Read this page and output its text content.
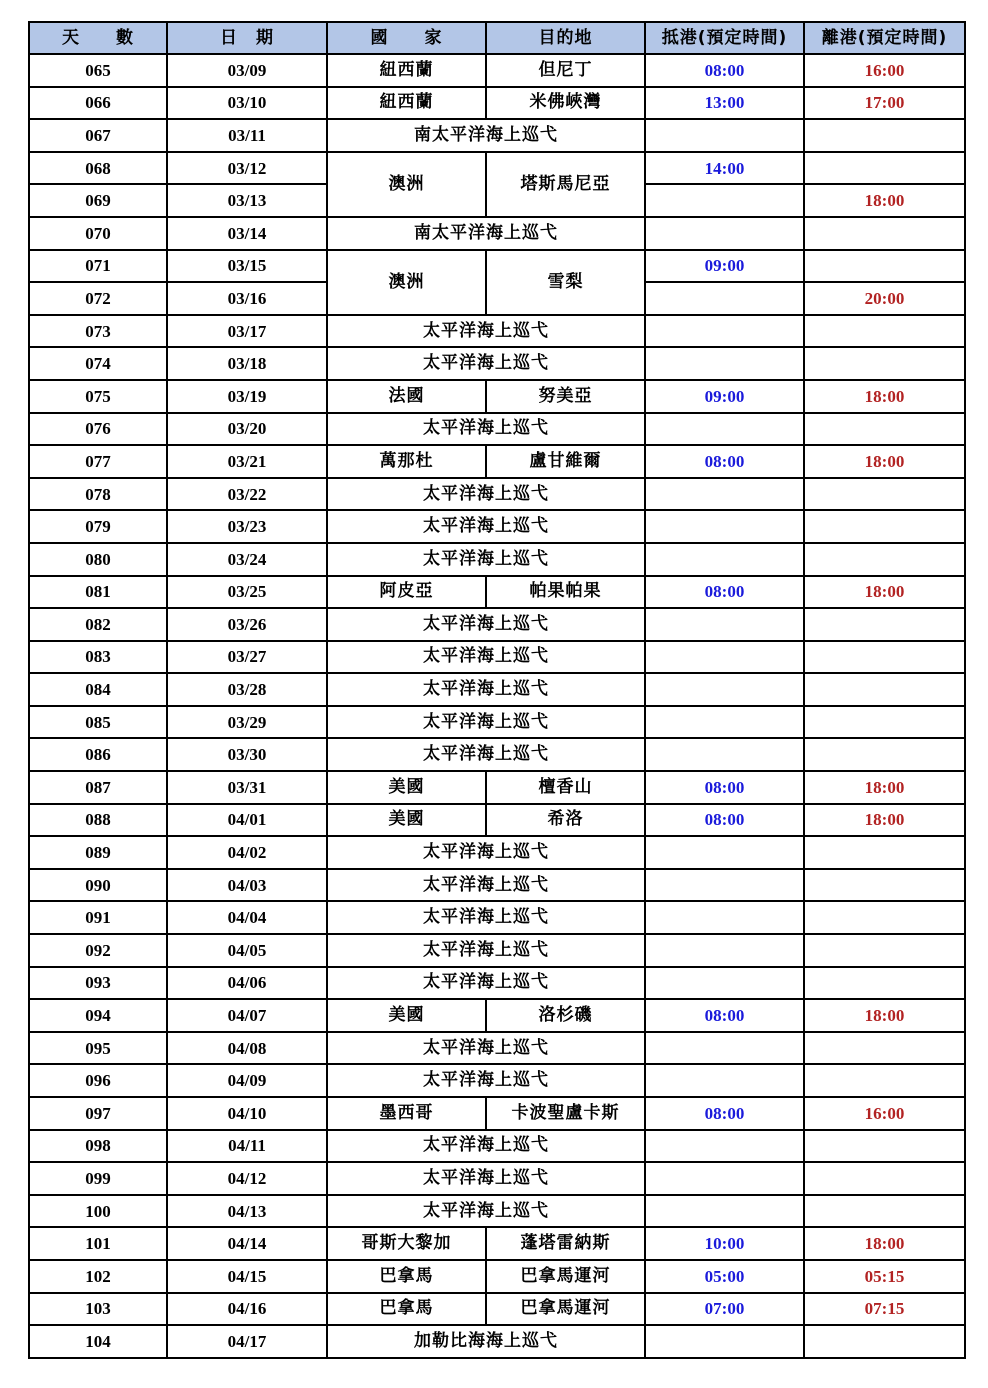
天　　數	日　期	國　　家	目的地	抵港(預定時間)	離港(預定時間)
065	03/09	紐西蘭	但尼丁	08:00	16:00
066	03/10	紐西蘭	米佛峽灣	13:00	17:00
067	03/11	南太平洋海上巡弋			
068	03/12	澳洲	塔斯馬尼亞	14:00	
069	03/13				18:00
070	03/14	南太平洋海上巡弋			
071	03/15	澳洲	雪梨	09:00	
072	03/16				20:00
073	03/17	太平洋海上巡弋			
074	03/18	太平洋海上巡弋			
075	03/19	法國	努美亞	09:00	18:00
076	03/20	太平洋海上巡弋			
077	03/21	萬那杜	盧甘維爾	08:00	18:00
078	03/22	太平洋海上巡弋			
079	03/23	太平洋海上巡弋			
080	03/24	太平洋海上巡弋			
081	03/25	阿皮亞	帕果帕果	08:00	18:00
082	03/26	太平洋海上巡弋			
083	03/27	太平洋海上巡弋			
084	03/28	太平洋海上巡弋			
085	03/29	太平洋海上巡弋			
086	03/30	太平洋海上巡弋			
087	03/31	美國	檀香山	08:00	18:00
088	04/01	美國	希洛	08:00	18:00
089	04/02	太平洋海上巡弋			
090	04/03	太平洋海上巡弋			
091	04/04	太平洋海上巡弋			
092	04/05	太平洋海上巡弋			
093	04/06	太平洋海上巡弋			
094	04/07	美國	洛杉磯	08:00	18:00
095	04/08	太平洋海上巡弋			
096	04/09	太平洋海上巡弋			
097	04/10	墨西哥	卡波聖盧卡斯	08:00	16:00
098	04/11	太平洋海上巡弋			
099	04/12	太平洋海上巡弋			
100	04/13	太平洋海上巡弋			
101	04/14	哥斯大黎加	蓬塔雷納斯	10:00	18:00
102	04/15	巴拿馬	巴拿馬運河	05:00	05:15
103	04/16	巴拿馬	巴拿馬運河	07:00	07:15
104	04/17	加勒比海海上巡弋			
